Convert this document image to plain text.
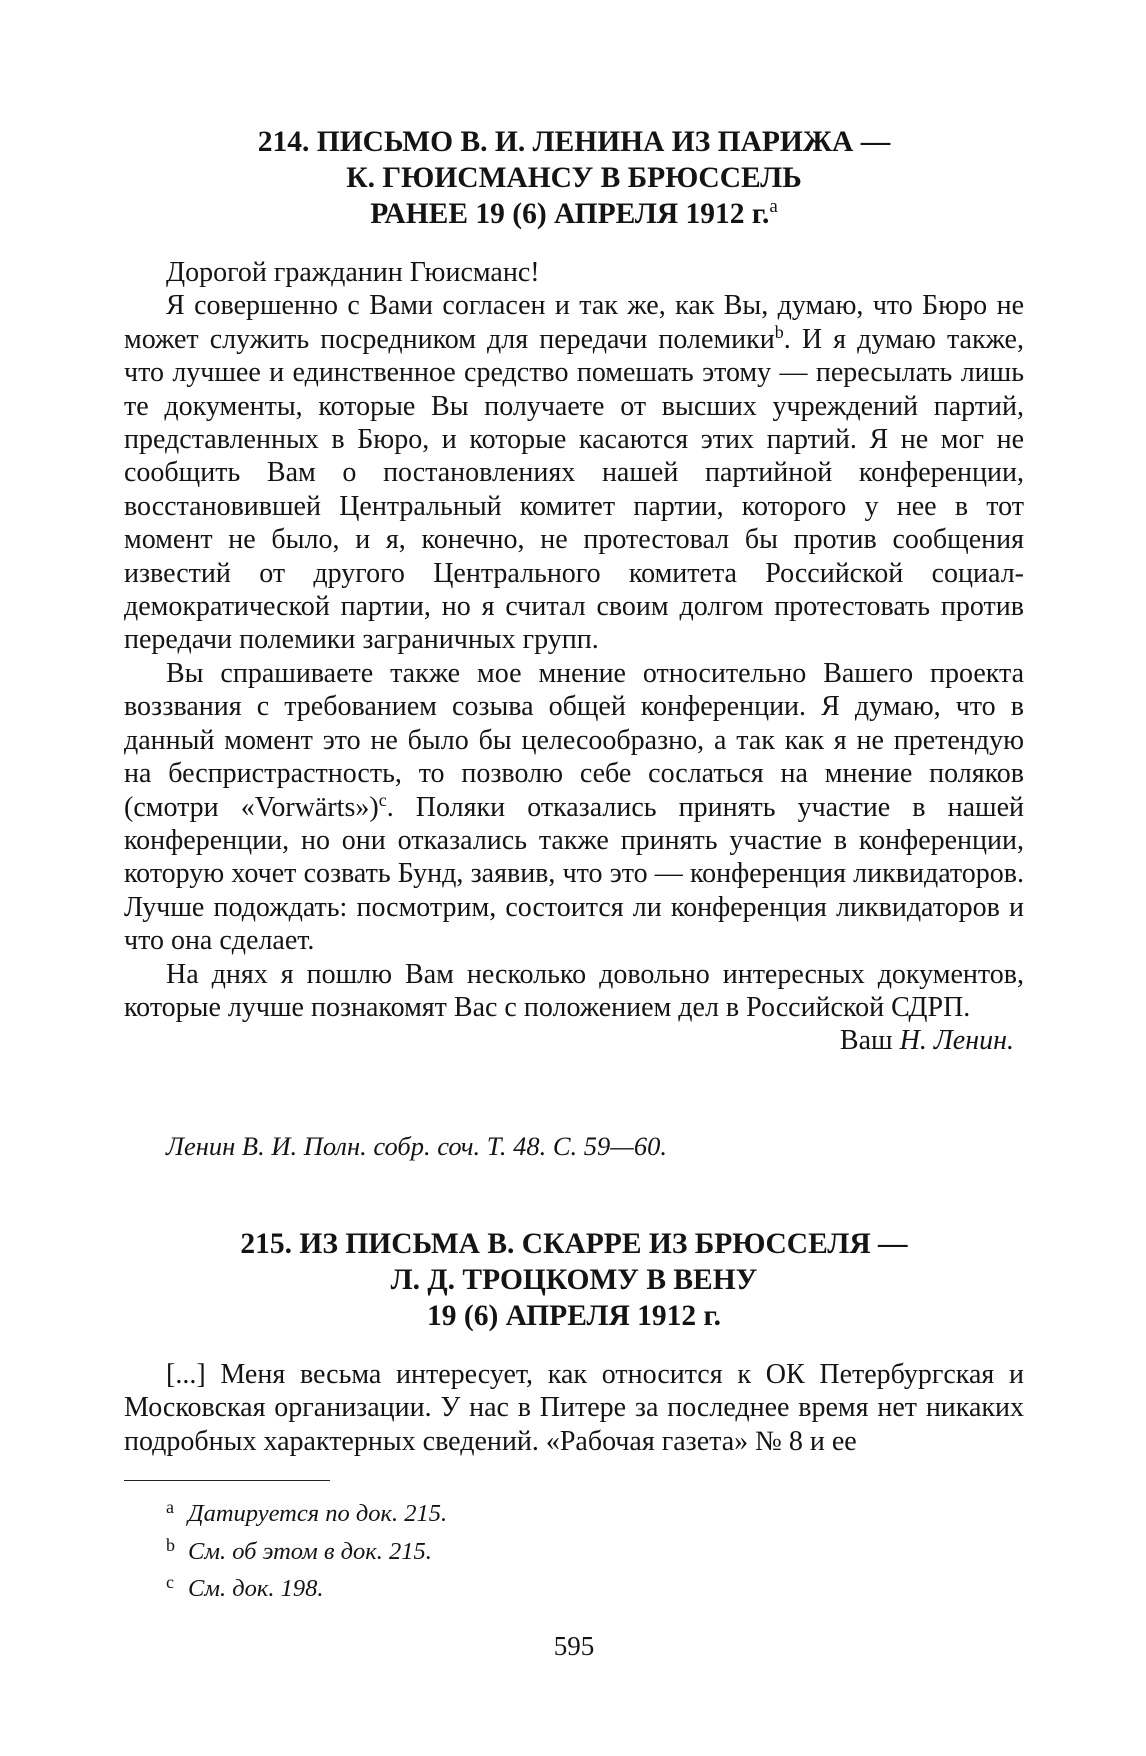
214. ПИСЬМО В. И. ЛЕНИНА ИЗ ПАРИЖА —
К. ГЮИСМАНСУ В БРЮССЕЛЬ
РАНЕЕ 19 (6) АПРЕЛЯ 1912 г.$^а$

Дорогой гражданин Гюисманс!

Я совершенно с Вами согласен и так же, как Вы, думаю, что Бюро не может служить посредником для передачи полемики$^b$. И я думаю также, что лучшее и единственное средство помешать этому — пересылать лишь те документы, которые Вы получаете от высших учреждений партий, представленных в Бюро, и которые касаются этих партий. Я не мог не сообщить Вам о постановлениях нашей партийной конференции, восстановившей Центральный комитет партии, которого у нее в тот момент не было, и я, конечно, не протестовал бы против сообщения известий от другого Центрального комитета Российской социал-демократической партии, но я считал своим долгом протестовать против передачи полемики заграничных групп.

Вы спрашиваете также мое мнение относительно Вашего проекта воззвания с требованием созыва общей конференции. Я думаю, что в данный момент это не было бы целесообразно, а так как я не претендую на беспристрастность, то позволю себе сослаться на мнение поляков (смотри «Vorwärts»)$^с$. Поляки отказались принять участие в нашей конференции, но они отказались также принять участие в конференции, которую хочет созвать Бунд, заявив, что это — конференция ликвидаторов. Лучше подождать: посмотрим, состоится ли конференция ликвидаторов и что она сделает.

На днях я пошлю Вам несколько довольно интересных документов, которые лучше познакомят Вас с положением дел в Российской СДРП.

Ваш Н. Ленин.
Ленин В. И. Полн. собр. соч. Т. 48. С. 59—60.
215. ИЗ ПИСЬМА В. СКАРРЕ ИЗ БРЮССЕЛЯ —
Л. Д. ТРОЦКОМУ В ВЕНУ
19 (6) АПРЕЛЯ 1912 г.

[...] Меня весьма интересует, как относится к ОК Петербургская и Московская организации. У нас в Питере за последнее время нет никаких подробных характерных сведений. «Рабочая газета» № 8 и ее

a Датируется по док. 215.
b См. об этом в док. 215.
c См. док. 198.
595
